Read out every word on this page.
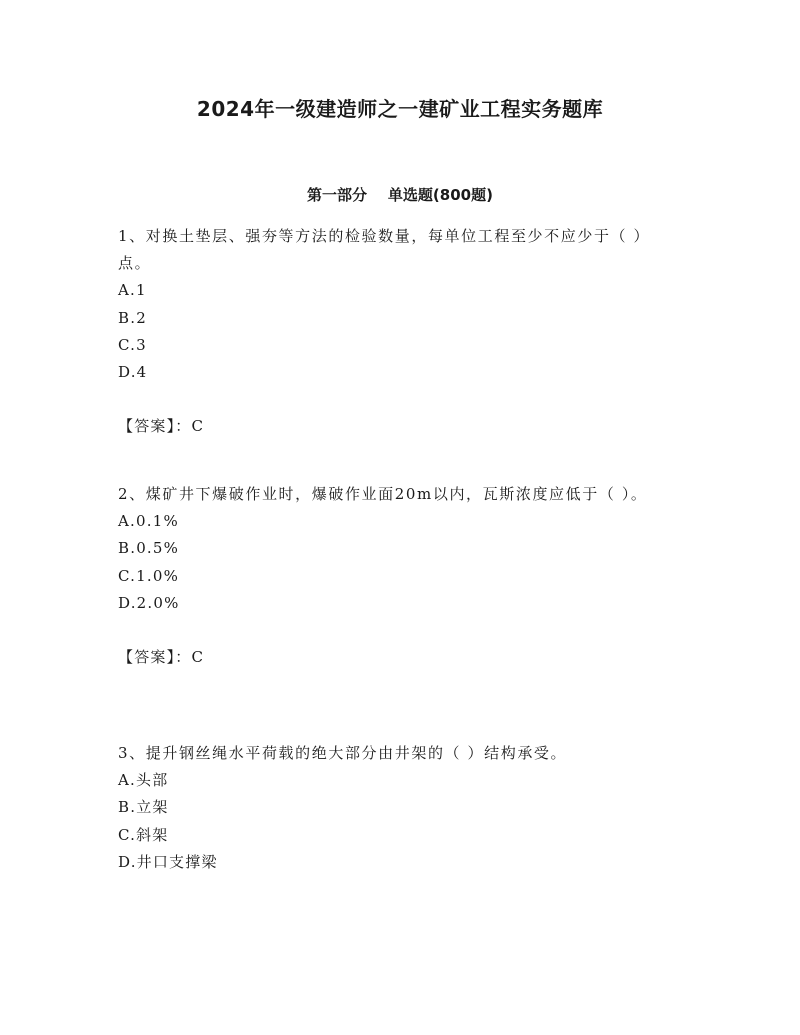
2024年一级建造师之一建矿业工程实务题库
第一部分    单选题(800题)

1、对换土垫层、强夯等方法的检验数量，每单位工程至少不应少于（ ）点。

A.1

B.2

C.3

D.4

【答案】：C

2、煤矿井下爆破作业时，爆破作业面20m以内，瓦斯浓度应低于（ ）。

A.0.1%

B.0.5%

C.1.0%

D.2.0%

【答案】：C

3、提升钢丝绳水平荷载的绝大部分由井架的（ ）结构承受。

A.头部

B.立架

C.斜架

D.井口支撑梁
